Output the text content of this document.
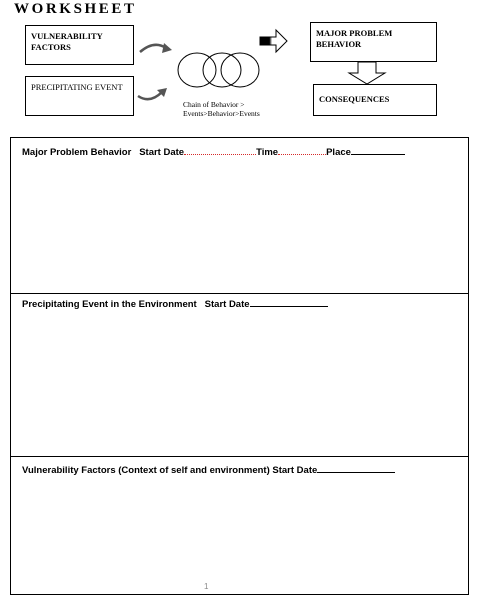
WORKSHEET
VULNERABILITY FACTORS
PRECIPITATING EVENT
MAJOR PROBLEM BEHAVIOR
CONSEQUENCES
Chain of Behavior >
Events>Behavior>Events
Major Problem Behavior Start Date	Time	Place
Precipitating Event in the Environment Start Date
Vulnerability Factors (Context of self and environment) Start Date
1
